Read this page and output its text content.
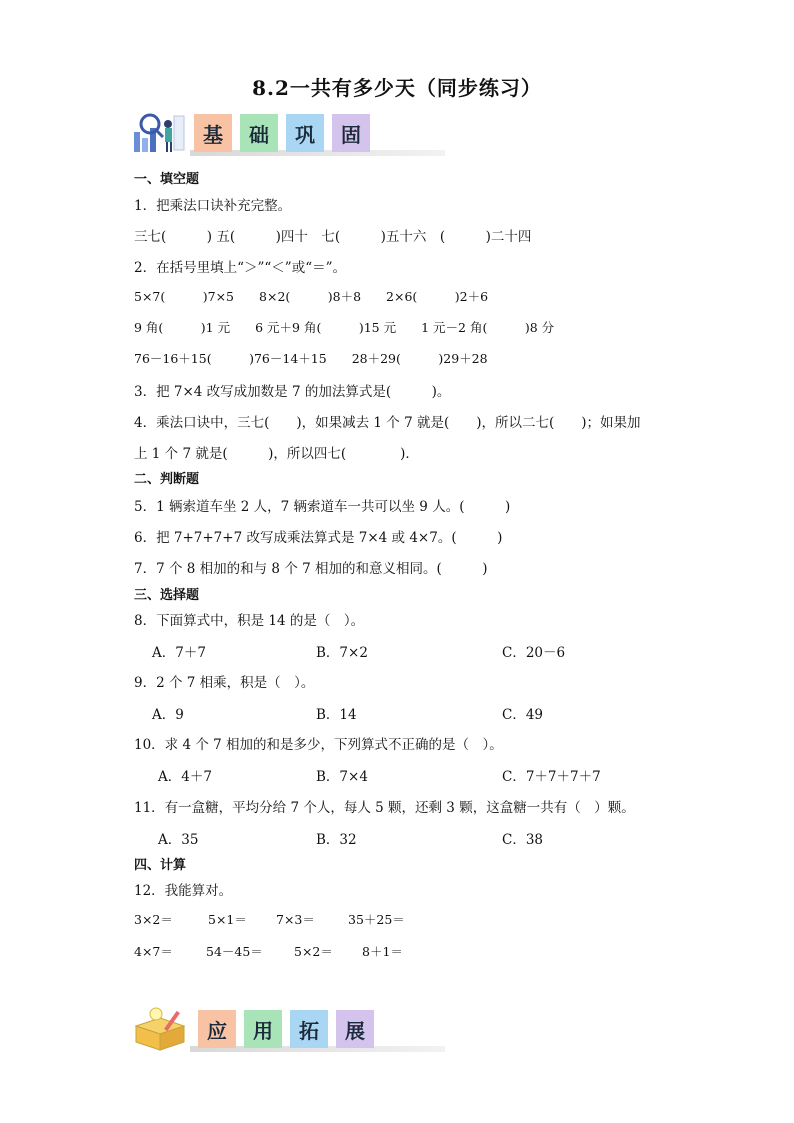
8.2一共有多少天（同步练习）
基	础	巩	固
一、填空题
1．把乘法口诀补充完整。
三七(　　　) 五(　　　)四十　七(　　　)五十六　(　　　)二十四
2．在括号里填上“＞”“＜”或“＝”。
5×7(　　　)7×5　　8×2(　　　)8＋8　　2×6(　　　)2＋6
9 角(　　　)1 元　　6 元＋9 角(　　　)15 元　　1 元－2 角(　　　)8 分
76－16＋15(　　　)76－14＋15　　28＋29(　　　)29＋28
3．把 7×4 改写成加数是 7 的加法算式是(　　　)。
4．乘法口诀中，三七(　　)，如果减去 1 个 7 就是(　　)，所以二七(　　)；如果加
上 1 个 7 就是(　　　)，所以四七(　　　　)．
二、判断题
5．1 辆索道车坐 2 人，7 辆索道车一共可以坐 9 人。(　　　)
6．把 7+7+7+7 改写成乘法算式是 7×4 或 4×7。(　　　)
7．7 个 8 相加的和与 8 个 7 相加的和意义相同。(　　　)
三、选择题
8．下面算式中，积是 14 的是（　）。
A．7＋7	B．7×2	C．20－6
9．2 个 7 相乘，积是（　）。
A．9	B．14	C．49
10．求 4 个 7 相加的和是多少，下列算式不正确的是（　）。
A．4＋7	B．7×4	C．7＋7＋7＋7
11．有一盒糖，平均分给 7 个人，每人 5 颗，还剩 3 颗，这盒糖一共有（　）颗。
A．35	B．32	C．38
四、计算
12．我能算对。
3×2＝	5×1＝ 7×3＝	35＋25＝
4×7＝	54－45＝ 5×2＝ 8＋1＝
应	用	拓	展
